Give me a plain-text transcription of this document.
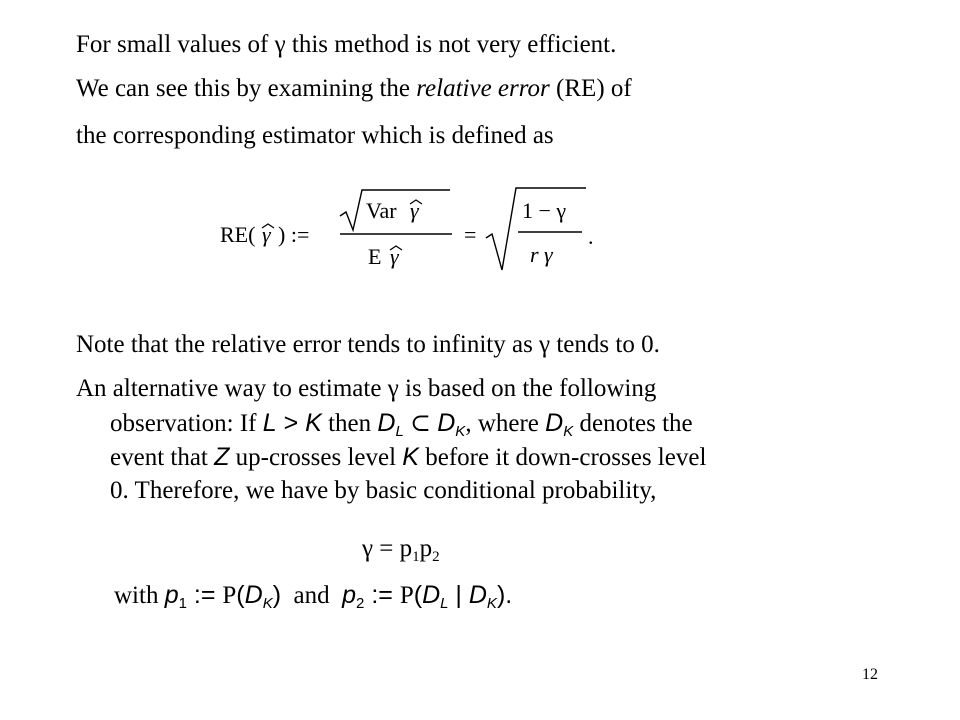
For small values of γ this method is not very efficient.
We can see this by examining the relative error (RE) of
the corresponding estimator which is defined as
RE( γ ) :=
Var γ
E γ
=
1 − γ
r γ
.
Note that the relative error tends to infinity as γ tends to 0.
An alternative way to estimate γ is based on the following
observation: If L > K then $D_L$ ⊂ $D_K$, where $D_K$ denotes the
event that Z up-crosses level K before it down-crosses level
0. Therefore, we have by basic conditional probability,
$\gamma = p_1p_2$
with $p_1$ := $P(D_K)$  and  $p_2$ := $P(D_L$ | $D_K$).
12
